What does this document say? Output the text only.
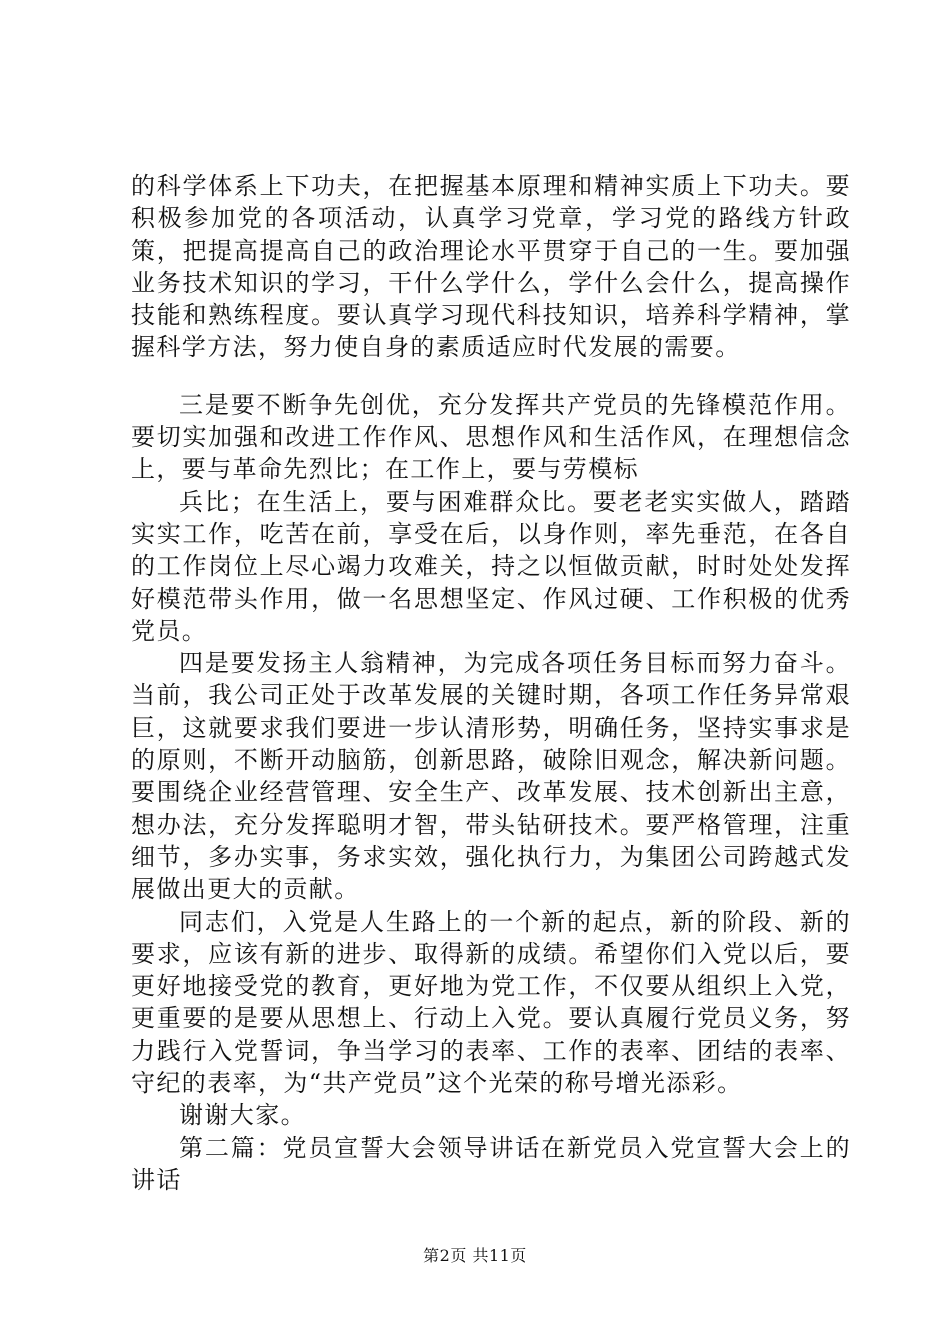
的科学体系上下功夫，在把握基本原理和精神实质上下功夫。要积极参加党的各项活动，认真学习党章，学习党的路线方针政策，把提高提高自己的政治理论水平贯穿于自己的一生。要加强业务技术知识的学习，干什么学什么，学什么会什么，提高操作技能和熟练程度。要认真学习现代科技知识，培养科学精神，掌握科学方法，努力使自身的素质适应时代发展的需要。

三是要不断争先创优，充分发挥共产党员的先锋模范作用。要切实加强和改进工作作风、思想作风和生活作风，在理想信念上，要与革命先烈比；在工作上，要与劳模标

兵比；在生活上，要与困难群众比。要老老实实做人，踏踏实实工作，吃苦在前，享受在后，以身作则，率先垂范，在各自的工作岗位上尽心竭力攻难关，持之以恒做贡献，时时处处发挥好模范带头作用，做一名思想坚定、作风过硬、工作积极的优秀党员。

四是要发扬主人翁精神，为完成各项任务目标而努力奋斗。当前，我公司正处于改革发展的关键时期，各项工作任务异常艰巨，这就要求我们要进一步认清形势，明确任务，坚持实事求是的原则，不断开动脑筋，创新思路，破除旧观念，解决新问题。要围绕企业经营管理、安全生产、改革发展、技术创新出主意，想办法，充分发挥聪明才智，带头钻研技术。要严格管理，注重细节，多办实事，务求实效，强化执行力，为集团公司跨越式发展做出更大的贡献。

同志们，入党是人生路上的一个新的起点，新的阶段、新的要求，应该有新的进步、取得新的成绩。希望你们入党以后，要更好地接受党的教育，更好地为党工作，不仅要从组织上入党，更重要的是要从思想上、行动上入党。要认真履行党员义务，努力践行入党誓词，争当学习的表率、工作的表率、团结的表率、守纪的表率，为“共产党员”这个光荣的称号增光添彩。

谢谢大家。

第二篇：党员宣誓大会领导讲话在新党员入党宣誓大会上的讲话

第2页 共11页
